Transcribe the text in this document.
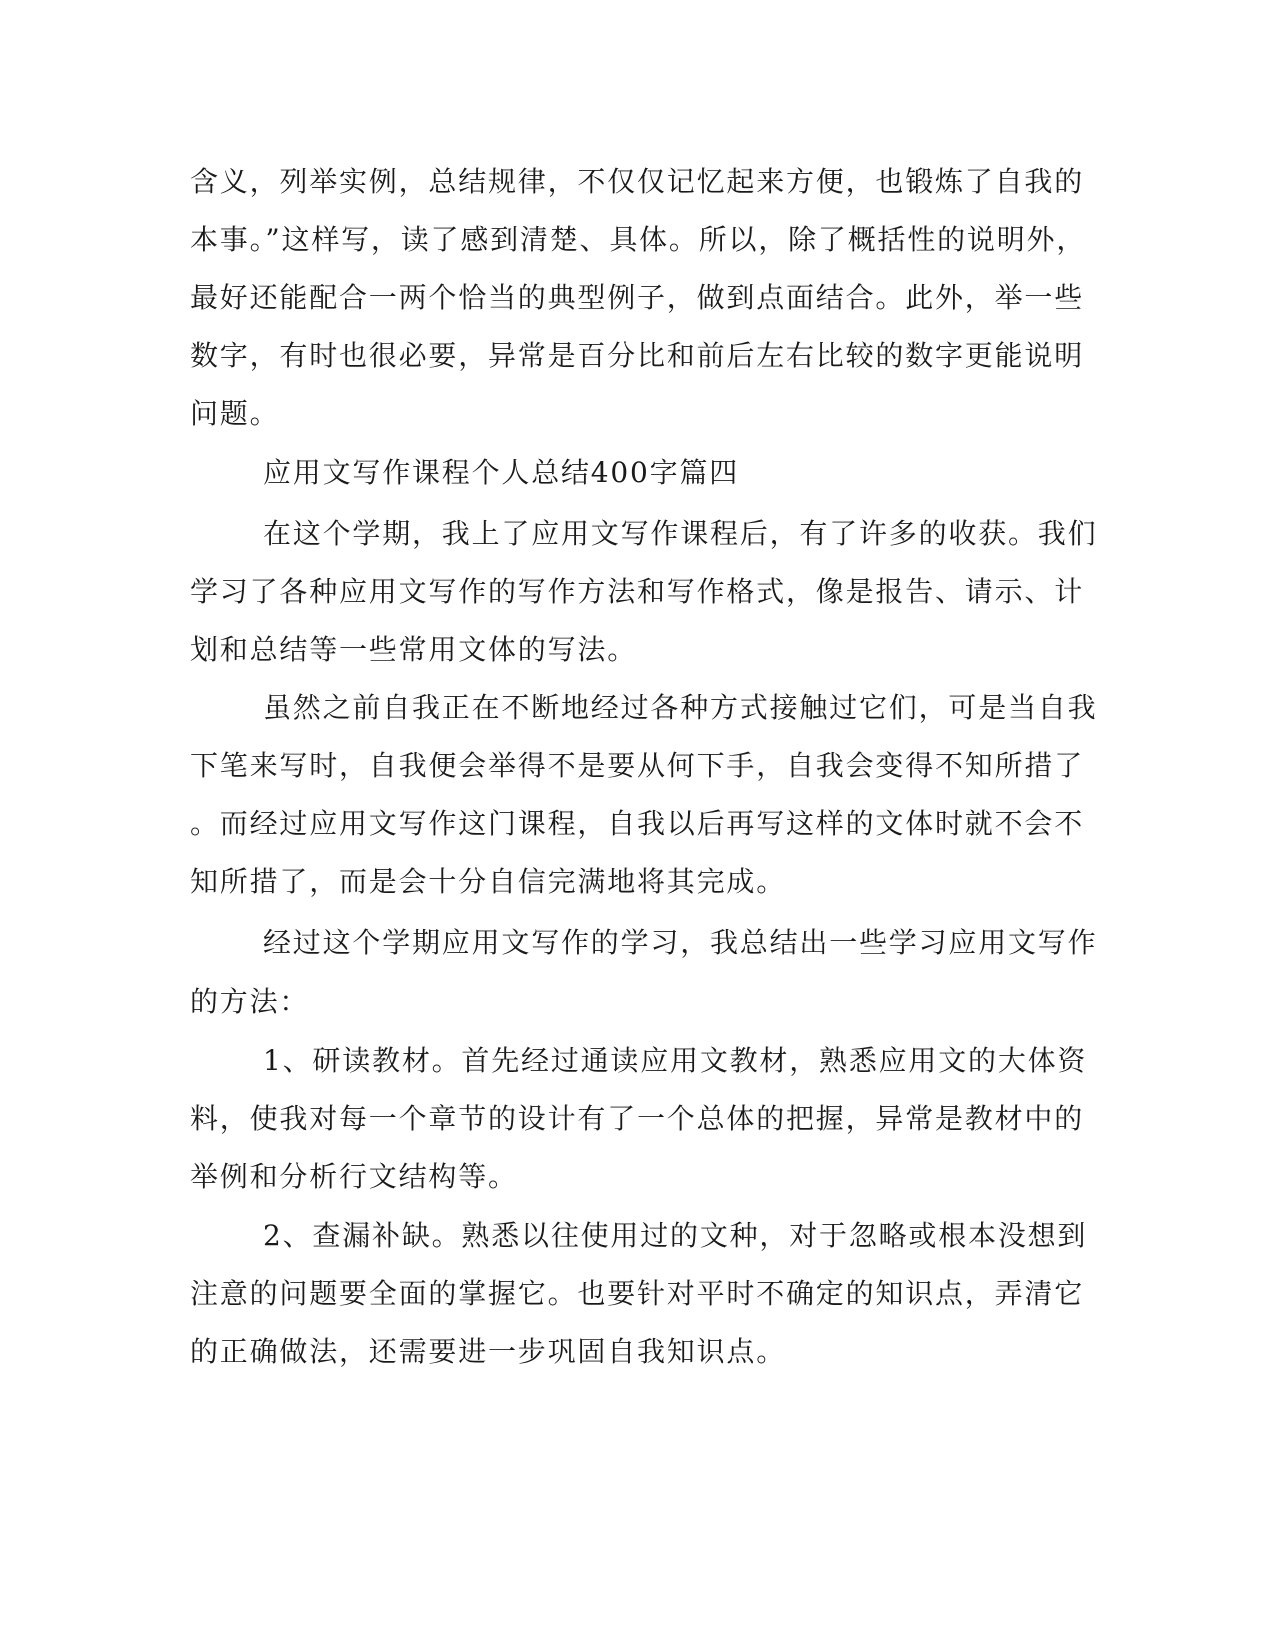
含义，列举实例，总结规律，不仅仅记忆起来方便，也锻炼了自我的
本事。”这样写，读了感到清楚、具体。所以，除了概括性的说明外，
最好还能配合一两个恰当的典型例子，做到点面结合。此外，举一些
数字，有时也很必要，异常是百分比和前后左右比较的数字更能说明
问题。
应用文写作课程个人总结400字篇四
在这个学期，我上了应用文写作课程后，有了许多的收获。我们
学习了各种应用文写作的写作方法和写作格式，像是报告、请示、计
划和总结等一些常用文体的写法。
虽然之前自我正在不断地经过各种方式接触过它们，可是当自我
下笔来写时，自我便会举得不是要从何下手，自我会变得不知所措了
。而经过应用文写作这门课程，自我以后再写这样的文体时就不会不
知所措了，而是会十分自信完满地将其完成。
经过这个学期应用文写作的学习，我总结出一些学习应用文写作
的方法：
1、研读教材。首先经过通读应用文教材，熟悉应用文的大体资
料，使我对每一个章节的设计有了一个总体的把握，异常是教材中的
举例和分析行文结构等。
2、查漏补缺。熟悉以往使用过的文种，对于忽略或根本没想到
注意的问题要全面的掌握它。也要针对平时不确定的知识点，弄清它
的正确做法，还需要进一步巩固自我知识点。
